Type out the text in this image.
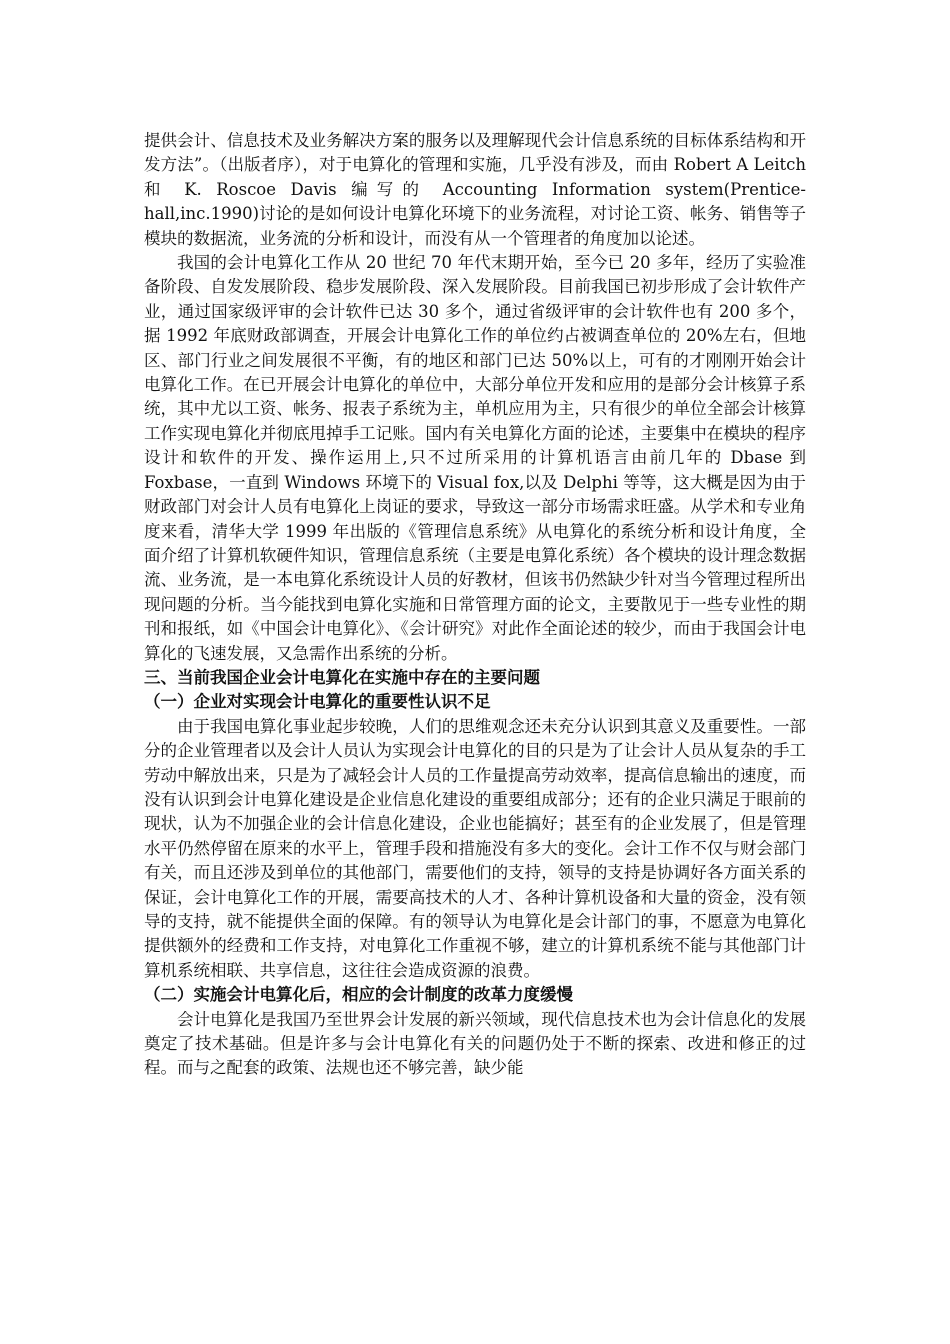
提供会计、信息技术及业务解决方案的服务以及理解现代会计信息系统的目标体系结构和开发方法”。（出版者序），对于电算化的管理和实施，几乎没有涉及，而由 Robert A Leitch 和 K. Roscoe Davis 编写的 Accounting Information system(Prentice-hall,inc.1990)讨论的是如何设计电算化环境下的业务流程，对讨论工资、帐务、销售等子模块的数据流，业务流的分析和设计，而没有从一个管理者的角度加以论述。

我国的会计电算化工作从 20 世纪 70 年代末期开始，至今已 20 多年，经历了实验准备阶段、自发发展阶段、稳步发展阶段、深入发展阶段。目前我国已初步形成了会计软件产业，通过国家级评审的会计软件已达 30 多个，通过省级评审的会计软件也有 200 多个，据 1992 年底财政部调查，开展会计电算化工作的单位约占被调查单位的 20%左右，但地区、部门行业之间发展很不平衡，有的地区和部门已达 50%以上，可有的才刚刚开始会计电算化工作。在已开展会计电算化的单位中，大部分单位开发和应用的是部分会计核算子系统，其中尤以工资、帐务、报表子系统为主，单机应用为主，只有很少的单位全部会计核算工作实现电算化并彻底甩掉手工记账。国内有关电算化方面的论述，主要集中在模块的程序设计和软件的开发、操作运用上,只不过所采用的计算机语言由前几年的 Dbase 到 Foxbase，一直到 Windows 环境下的 Visual fox,以及 Delphi 等等，这大概是因为由于财政部门对会计人员有电算化上岗证的要求，导致这一部分市场需求旺盛。从学术和专业角度来看，清华大学 1999 年出版的《管理信息系统》从电算化的系统分析和设计角度，全面介绍了计算机软硬件知识，管理信息系统（主要是电算化系统）各个模块的设计理念数据流、业务流，是一本电算化系统设计人员的好教材，但该书仍然缺少针对当今管理过程所出现问题的分析。当今能找到电算化实施和日常管理方面的论文，主要散见于一些专业性的期刊和报纸，如《中国会计电算化》、《会计研究》对此作全面论述的较少，而由于我国会计电算化的飞速发展，又急需作出系统的分析。

三、当前我国企业会计电算化在实施中存在的主要问题

（一）企业对实现会计电算化的重要性认识不足

由于我国电算化事业起步较晚，人们的思维观念还未充分认识到其意义及重要性。一部分的企业管理者以及会计人员认为实现会计电算化的目的只是为了让会计人员从复杂的手工劳动中解放出来，只是为了减轻会计人员的工作量提高劳动效率，提高信息输出的速度，而没有认识到会计电算化建设是企业信息化建设的重要组成部分；还有的企业只满足于眼前的现状，认为不加强企业的会计信息化建设，企业也能搞好；甚至有的企业发展了，但是管理水平仍然停留在原来的水平上，管理手段和措施没有多大的变化。会计工作不仅与财会部门有关，而且还涉及到单位的其他部门，需要他们的支持，领导的支持是协调好各方面关系的保证，会计电算化工作的开展，需要高技术的人才、各种计算机设备和大量的资金，没有领导的支持，就不能提供全面的保障。有的领导认为电算化是会计部门的事，不愿意为电算化提供额外的经费和工作支持，对电算化工作重视不够，建立的计算机系统不能与其他部门计算机系统相联、共享信息，这往往会造成资源的浪费。

（二）实施会计电算化后，相应的会计制度的改革力度缓慢

会计电算化是我国乃至世界会计发展的新兴领域，现代信息技术也为会计信息化的发展奠定了技术基础。但是许多与会计电算化有关的问题仍处于不断的探索、改进和修正的过程。而与之配套的政策、法规也还不够完善，缺少能
